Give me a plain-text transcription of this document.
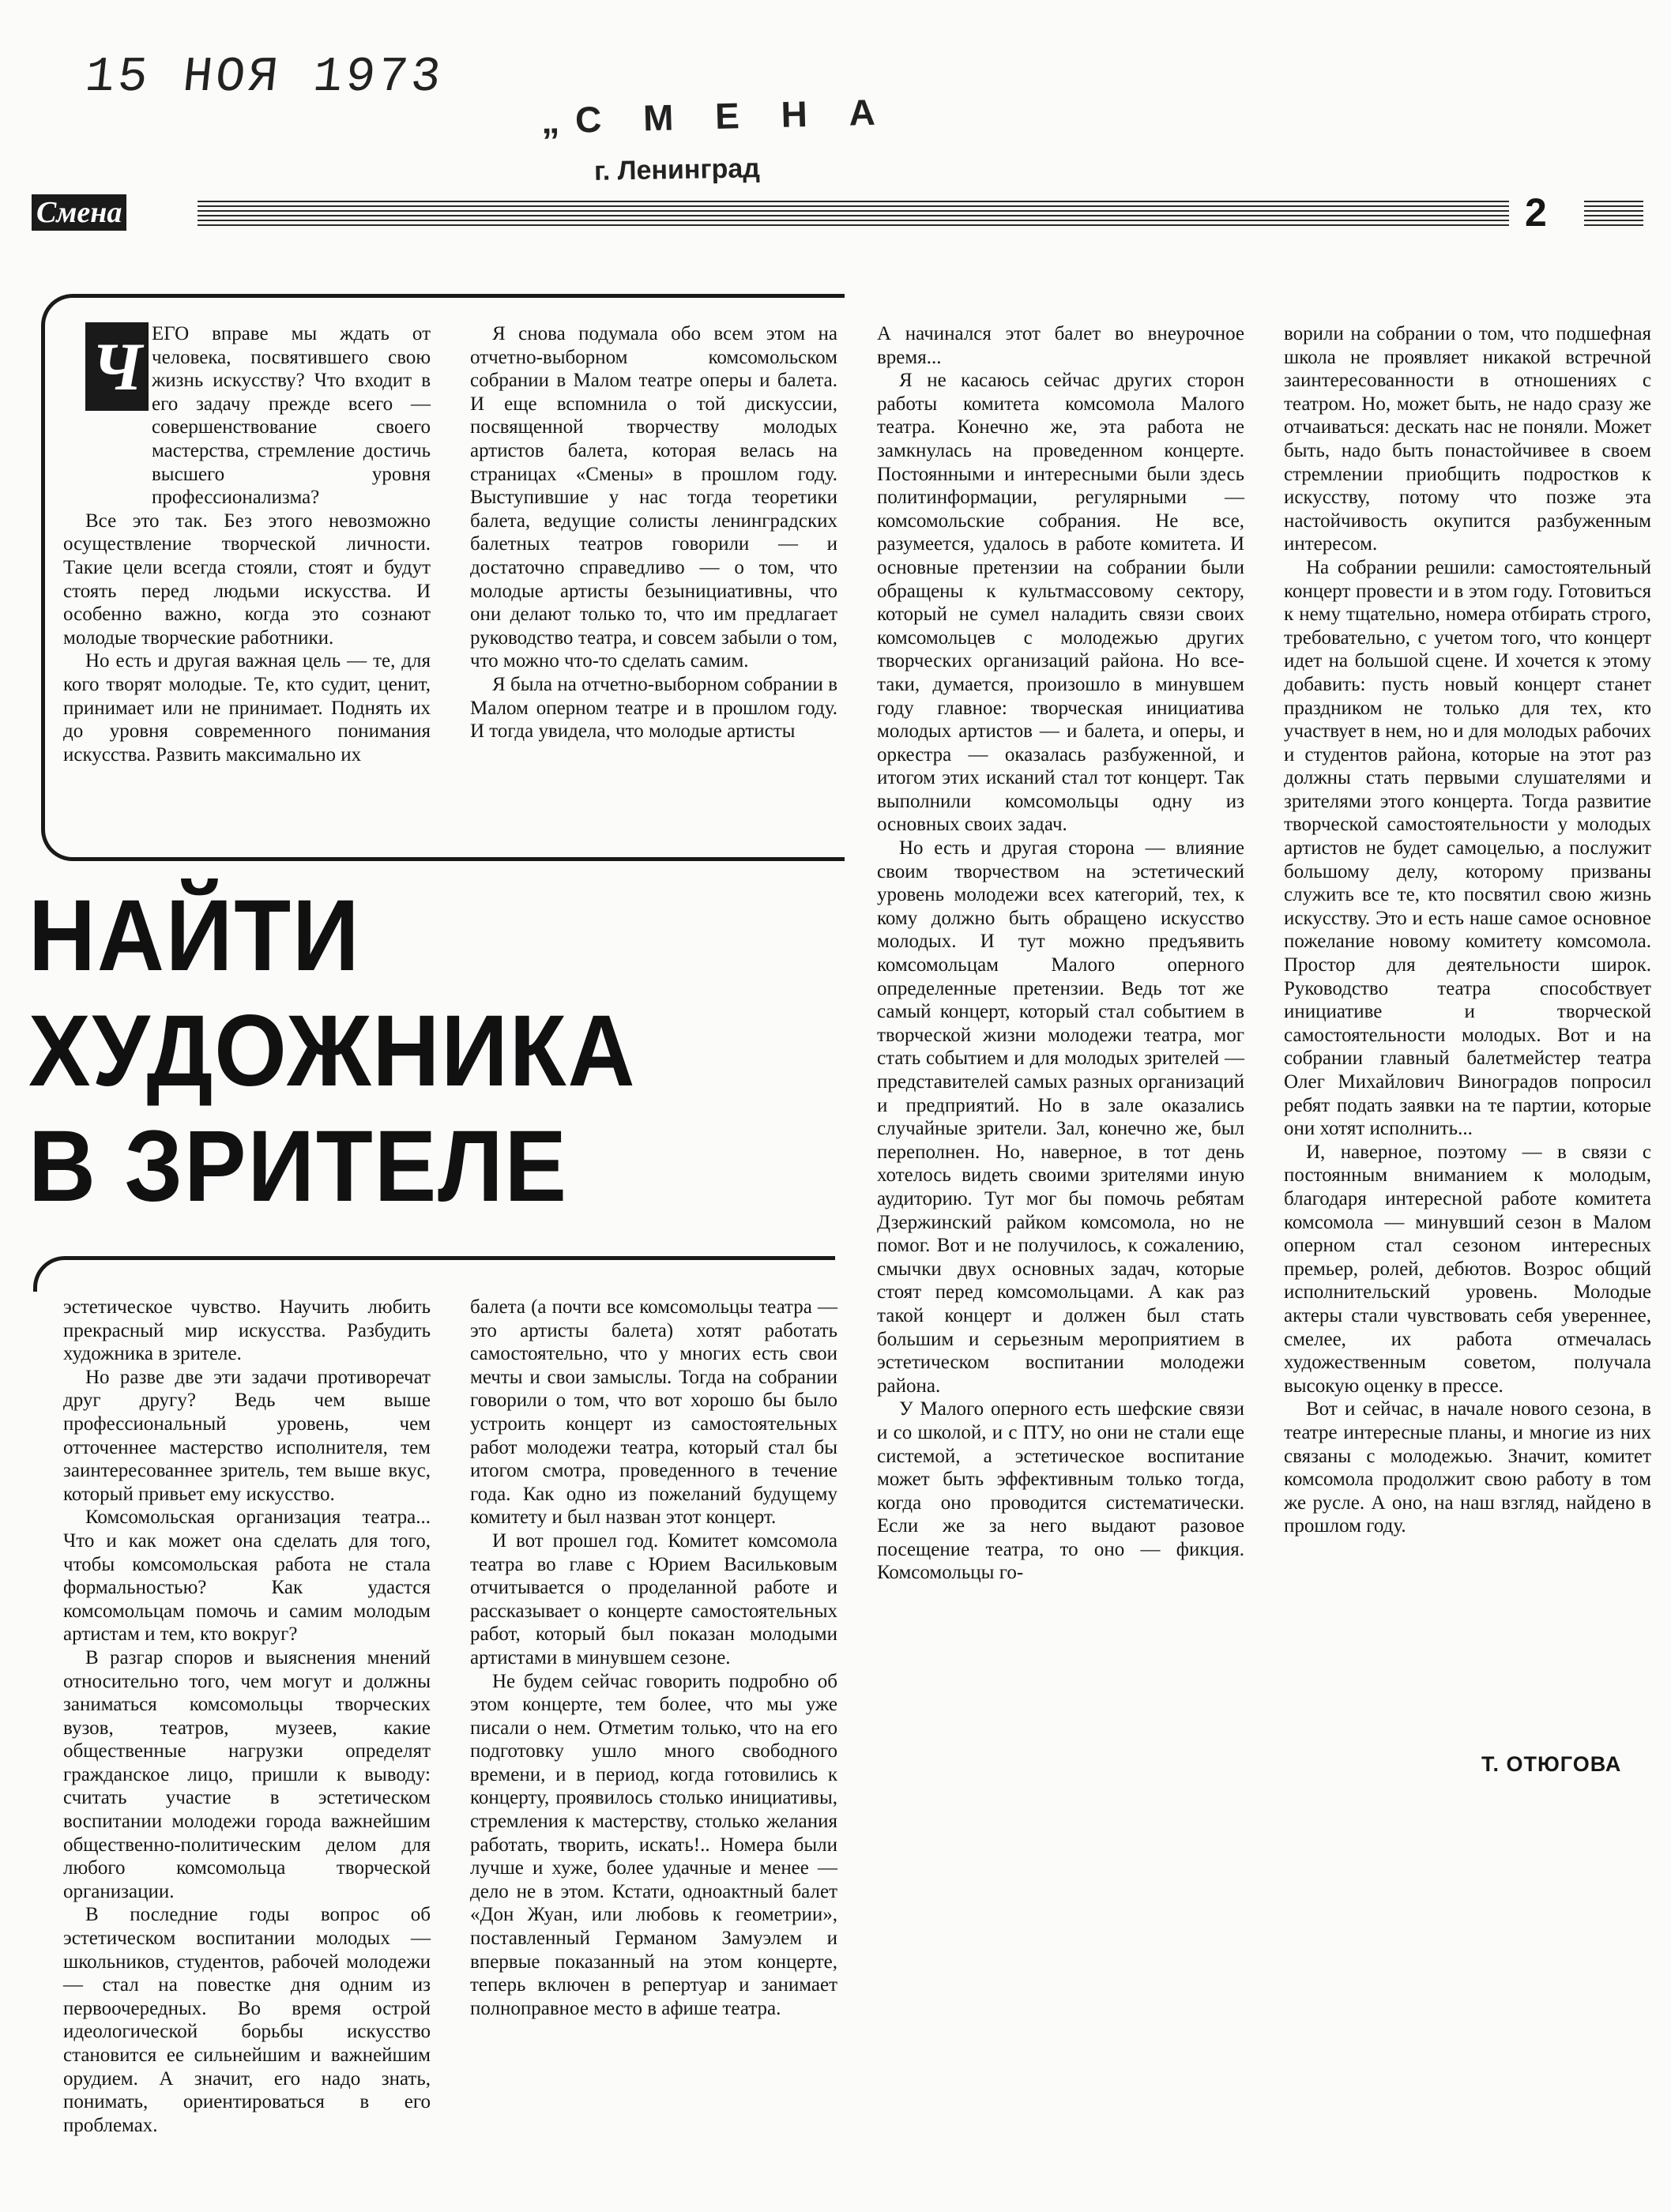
15 НОЯ 1973
„С М Е Н А
г. Ленинград
Смена	2
Ч ЕГО вправе мы ждать от человека, посвятившего свою жизнь искусству? Что входит в его задачу прежде всего — совершенствование своего мастерства, стремление достичь высшего уровня профессионализма?

Все это так. Без этого невозможно осуществление творческой личности. Такие цели всегда стояли, стоят и будут стоять перед людьми искусства. И особенно важно, когда это сознают молодые творческие работники.

Но есть и другая важная цель — те, для кого творят молодые. Те, кто судит, ценит, принимает или не принимает. Поднять их до уровня современного понимания искусства. Развить максимально их

Я снова подумала обо всем этом на отчетно-выборном комсомольском собрании в Малом театре оперы и балета. И еще вспомнила о той дискуссии, посвященной творчеству молодых артистов балета, которая велась на страницах «Смены» в прошлом году. Выступившие у нас тогда теоретики балета, ведущие солисты ленинградских балетных театров говорили — и достаточно справедливо — о том, что молодые артисты безынициативны, что они делают только то, что им предлагает руководство театра, и совсем забыли о том, что можно что-то сделать самим.

Я была на отчетно-выборном собрании в Малом оперном театре и в прошлом году. И тогда увидела, что молодые артисты

НАЙТИ
ХУДОЖНИКА
В ЗРИТЕЛЕ

эстетическое чувство. Научить любить прекрасный мир искусства. Разбудить художника в зрителе.

Но разве две эти задачи противоречат друг другу? Ведь чем выше профессиональный уровень, чем отточеннее мастерство исполнителя, тем заинтересованнее зритель, тем выше вкус, который привьет ему искусство.

Комсомольская организация театра... Что и как может она сделать для того, чтобы комсомольская работа не стала формальностью? Как удастся комсомольцам помочь и самим молодым артистам и тем, кто вокруг?

В разгар споров и выяснения мнений относительно того, чем могут и должны заниматься комсомольцы творческих вузов, театров, музеев, какие общественные нагрузки определят гражданское лицо, пришли к выводу: считать участие в эстетическом воспитании молодежи города важнейшим общественно-политическим делом для любого комсомольца творческой организации.

В последние годы вопрос об эстетическом воспитании молодых — школьников, студентов, рабочей молодежи — стал на повестке дня одним из первоочередных. Во время острой идеологической борьбы искусство становится ее сильнейшим и важнейшим орудием. А значит, его надо знать, понимать, ориентироваться в его проблемах.

балета (а почти все комсомольцы театра — это артисты балета) хотят работать самостоятельно, что у многих есть свои мечты и свои замыслы. Тогда на собрании говорили о том, что вот хорошо бы было устроить концерт из самостоятельных работ молодежи театра, который стал бы итогом смотра, проведенного в течение года. Как одно из пожеланий будущему комитету и был назван этот концерт.

И вот прошел год. Комитет комсомола театра во главе с Юрием Васильковым отчитывается о проделанной работе и рассказывает о концерте самостоятельных работ, который был показан молодыми артистами в минувшем сезоне.

Не будем сейчас говорить подробно об этом концерте, тем более, что мы уже писали о нем. Отметим только, что на его подготовку ушло много свободного времени, и в период, когда готовились к концерту, проявилось столько инициативы, стремления к мастерству, столько желания работать, творить, искать!.. Номера были лучше и хуже, более удачные и менее — дело не в этом. Кстати, одноактный балет «Дон Жуан, или любовь к геометрии», поставленный Германом Замуэлем и впервые показанный на этом концерте, теперь включен в репертуар и занимает полноправное место в афише театра.

А начинался этот балет во внеурочное время...

Я не касаюсь сейчас других сторон работы комитета комсомола Малого театра. Конечно же, эта работа не замкнулась на проведенном концерте. Постоянными и интересными были здесь политинформации, регулярными — комсомольские собрания. Не все, разумеется, удалось в работе комитета. И основные претензии на собрании были обращены к культмассовому сектору, который не сумел наладить связи своих комсомольцев с молодежью других творческих организаций района. Но все-таки, думается, произошло в минувшем году главное: творческая инициатива молодых артистов — и балета, и оперы, и оркестра — оказалась разбуженной, и итогом этих исканий стал тот концерт. Так выполнили комсомольцы одну из основных своих задач.

Но есть и другая сторона — влияние своим творчеством на эстетический уровень молодежи всех категорий, тех, к кому должно быть обращено искусство молодых. И тут можно предъявить комсомольцам Малого оперного определенные претензии. Ведь тот же самый концерт, который стал событием в творческой жизни молодежи театра, мог стать событием и для молодых зрителей — представителей самых разных организаций и предприятий. Но в зале оказались случайные зрители. Зал, конечно же, был переполнен. Но, наверное, в тот день хотелось видеть своими зрителями иную аудиторию. Тут мог бы помочь ребятам Дзержинский райком комсомола, но не помог. Вот и не получилось, к сожалению, смычки двух основных задач, которые стоят перед комсомольцами. А как раз такой концерт и должен был стать большим и серьезным мероприятием в эстетическом воспитании молодежи района.

У Малого оперного есть шефские связи и со школой, и с ПТУ, но они не стали еще системой, а эстетическое воспитание может быть эффективным только тогда, когда оно проводится систематически. Если же за него выдают разовое посещение театра, то оно — фикция. Комсомольцы го-

ворили на собрании о том, что подшефная школа не проявляет никакой встречной заинтересованности в отношениях с театром. Но, может быть, не надо сразу же отчаиваться: дескать нас не поняли. Может быть, надо быть понастойчивее в своем стремлении приобщить подростков к искусству, потому что позже эта настойчивость окупится разбуженным интересом.

На собрании решили: самостоятельный концерт провести и в этом году. Готовиться к нему тщательно, номера отбирать строго, требовательно, с учетом того, что концерт идет на большой сцене. И хочется к этому добавить: пусть новый концерт станет праздником не только для тех, кто участвует в нем, но и для молодых рабочих и студентов района, которые на этот раз должны стать первыми слушателями и зрителями этого концерта. Тогда развитие творческой самостоятельности у молодых артистов не будет самоцелью, а послужит большому делу, которому призваны служить все те, кто посвятил свою жизнь искусству. Это и есть наше самое основное пожелание новому комитету комсомола. Простор для деятельности широк. Руководство театра способствует инициативе и творческой самостоятельности молодых. Вот и на собрании главный балетмейстер театра Олег Михайлович Виноградов попросил ребят подать заявки на те партии, которые они хотят исполнить...

И, наверное, поэтому — в связи с постоянным вниманием к молодым, благодаря интересной работе комитета комсомола — минувший сезон в Малом оперном стал сезоном интересных премьер, ролей, дебютов. Возрос общий исполнительский уровень. Молодые актеры стали чувствовать себя увереннее, смелее, их работа отмечалась художественным советом, получала высокую оценку в прессе.

Вот и сейчас, в начале нового сезона, в театре интересные планы, и многие из них связаны с молодежью. Значит, комитет комсомола продолжит свою работу в том же русле. А оно, на наш взгляд, найдено в прошлом году.

Т. ОТЮГОВА
